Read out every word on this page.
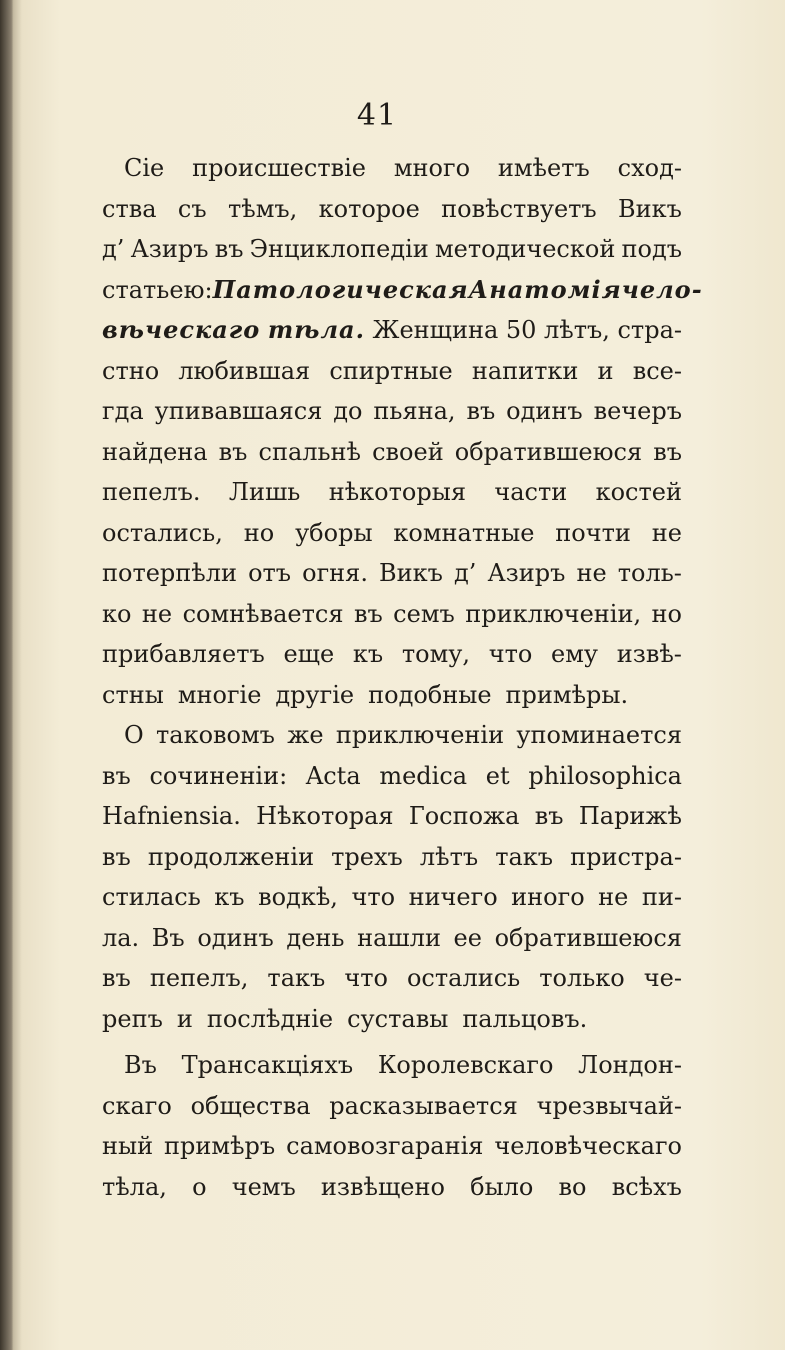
41
Сіе происшествіе много имѣетъ сход-
ства съ тѣмъ, которое повѣствуетъ Викъ
д’ Азиръ въ Энциклопедіи методической подъ
статьею: Патологическая Анатомія чело-
вѣческаго тѣла. Женщина 50 лѣтъ, стра-
стно любившая спиртные напитки и все-
гда упивавшаяся до пьяна, въ одинъ вечеръ
найдена въ спальнѣ своей обратившеюся въ
пепелъ. Лишь нѣкоторыя части костей
остались, но уборы комнатные почти не
потерпѣли отъ огня. Викъ д’ Азиръ не толь-
ко не сомнѣвается въ семъ приключеніи, но
прибавляетъ еще къ тому, что ему извѣ-
стны многіе другіе подобные примѣры.
О таковомъ же приключеніи упоминается
въ сочиненіи: Acta medica et philosophica
Hafniensia. Нѣкоторая Госпожа въ Парижѣ
въ продолженіи трехъ лѣтъ такъ пристра-
стилась къ водкѣ, что ничего иного не пи-
ла. Въ одинъ день нашли ее обратившеюся
въ пепелъ, такъ что остались только че-
репъ и послѣдніе суставы пальцовъ.
Въ Трансакціяхъ Королевскаго Лондон-
скаго общества расказывается чрезвычай-
ный примѣръ самовозгаранія человѣческаго
тѣла, о чемъ извѣщено было во всѣхъ
